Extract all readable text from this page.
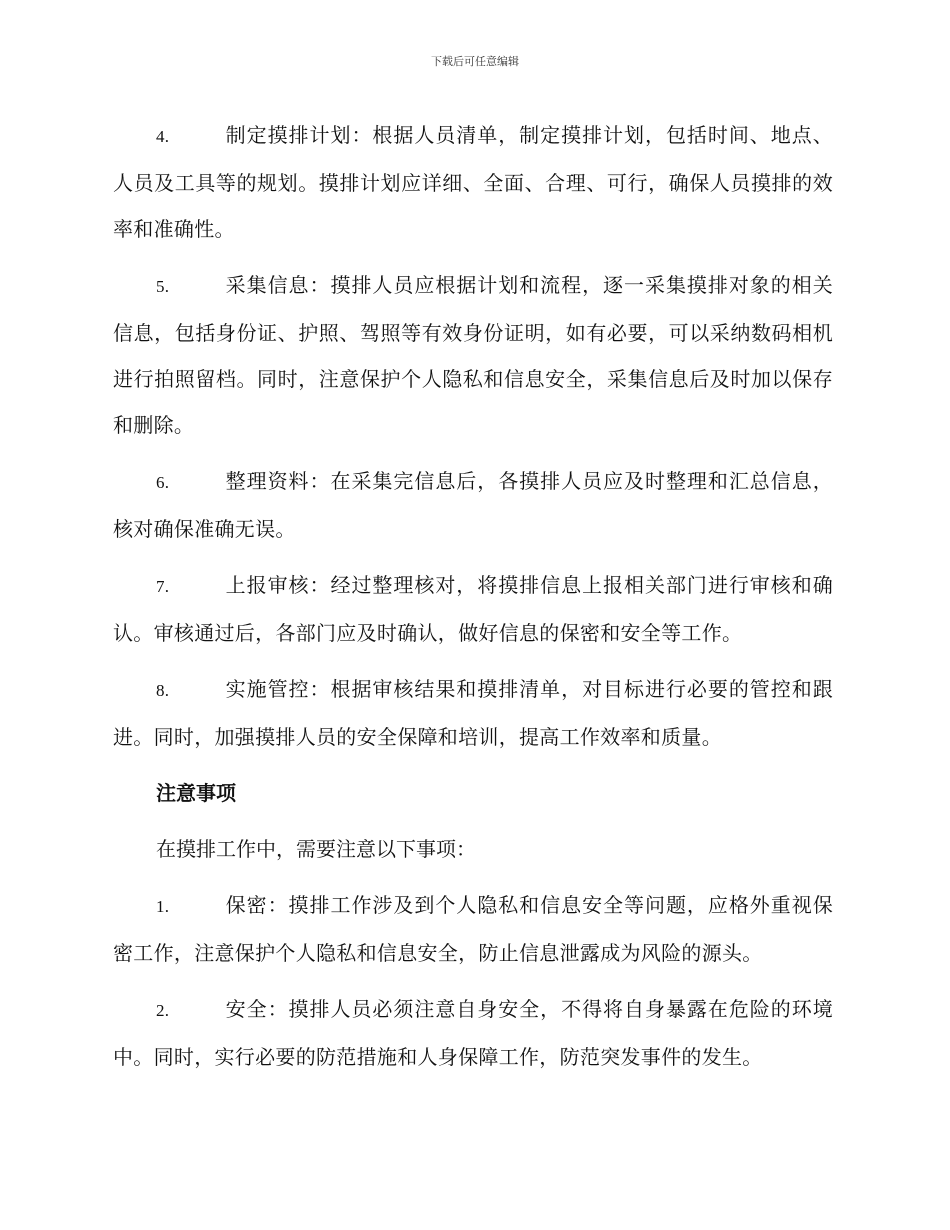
下载后可任意编辑

4.	制定摸排计划：根据人员清单，制定摸排计划，包括时间、地点、人员及工具等的规划。摸排计划应详细、全面、合理、可行，确保人员摸排的效率和准确性。

5.	采集信息：摸排人员应根据计划和流程，逐一采集摸排对象的相关信息，包括身份证、护照、驾照等有效身份证明，如有必要，可以采纳数码相机进行拍照留档。同时，注意保护个人隐私和信息安全，采集信息后及时加以保存和删除。

6.	整理资料：在采集完信息后，各摸排人员应及时整理和汇总信息，核对确保准确无误。

7.	上报审核：经过整理核对，将摸排信息上报相关部门进行审核和确认。审核通过后，各部门应及时确认，做好信息的保密和安全等工作。

8.	实施管控：根据审核结果和摸排清单，对目标进行必要的管控和跟进。同时，加强摸排人员的安全保障和培训，提高工作效率和质量。

注意事项
在摸排工作中，需要注意以下事项：

1.	保密：摸排工作涉及到个人隐私和信息安全等问题，应格外重视保密工作，注意保护个人隐私和信息安全，防止信息泄露成为风险的源头。

2.	安全：摸排人员必须注意自身安全，不得将自身暴露在危险的环境中。同时，实行必要的防范措施和人身保障工作，防范突发事件的发生。
